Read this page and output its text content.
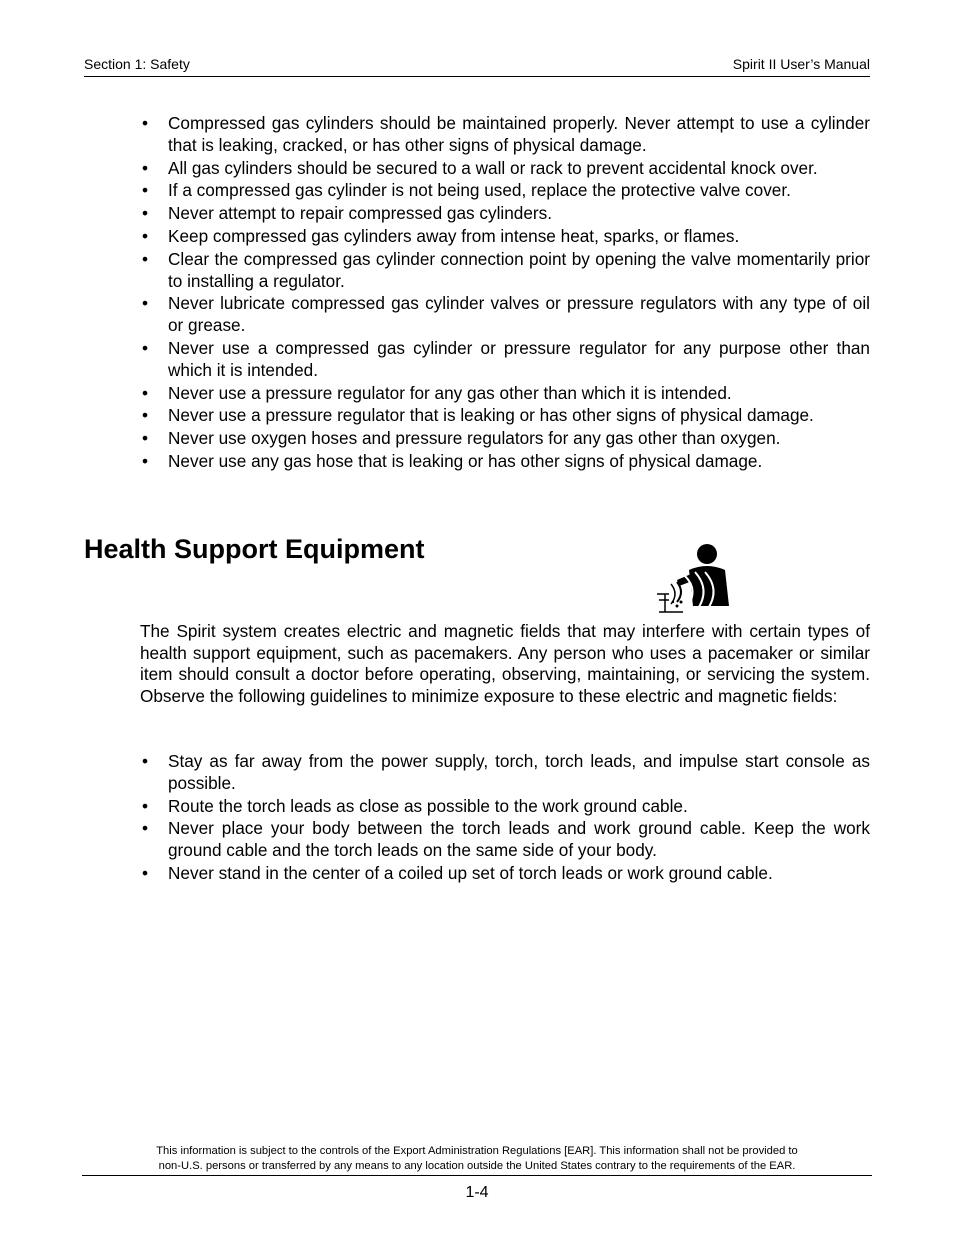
Section 1: Safety	Spirit II User’s Manual
• Compressed gas cylinders should be maintained properly. Never attempt to use a cylinder that is leaking, cracked, or has other signs of physical damage.
• All gas cylinders should be secured to a wall or rack to prevent accidental knock over.
• If a compressed gas cylinder is not being used, replace the protective valve cover.
• Never attempt to repair compressed gas cylinders.
• Keep compressed gas cylinders away from intense heat, sparks, or flames.
• Clear the compressed gas cylinder connection point by opening the valve momentarily prior to installing a regulator.
• Never lubricate compressed gas cylinder valves or pressure regulators with any type of oil or grease.
• Never use a compressed gas cylinder or pressure regulator for any purpose other than which it is intended.
• Never use a pressure regulator for any gas other than which it is intended.
• Never use a pressure regulator that is leaking or has other signs of physical damage.
• Never use oxygen hoses and pressure regulators for any gas other than oxygen.
• Never use any gas hose that is leaking or has other signs of physical damage.
Health Support Equipment

The Spirit system creates electric and magnetic fields that may interfere with certain types of health support equipment, such as pacemakers. Any person who uses a pacemaker or similar item should consult a doctor before operating, observing, maintaining, or servicing the system. Observe the following guidelines to minimize exposure to these electric and magnetic fields:

• Stay as far away from the power supply, torch, torch leads, and impulse start console as possible.
• Route the torch leads as close as possible to the work ground cable.
• Never place your body between the torch leads and work ground cable. Keep the work ground cable and the torch leads on the same side of your body.
• Never stand in the center of a coiled up set of torch leads or work ground cable.
This information is subject to the controls of the Export Administration Regulations [EAR]. This information shall not be provided to
non-U.S. persons or transferred by any means to any location outside the United States contrary to the requirements of the EAR.
1-4
